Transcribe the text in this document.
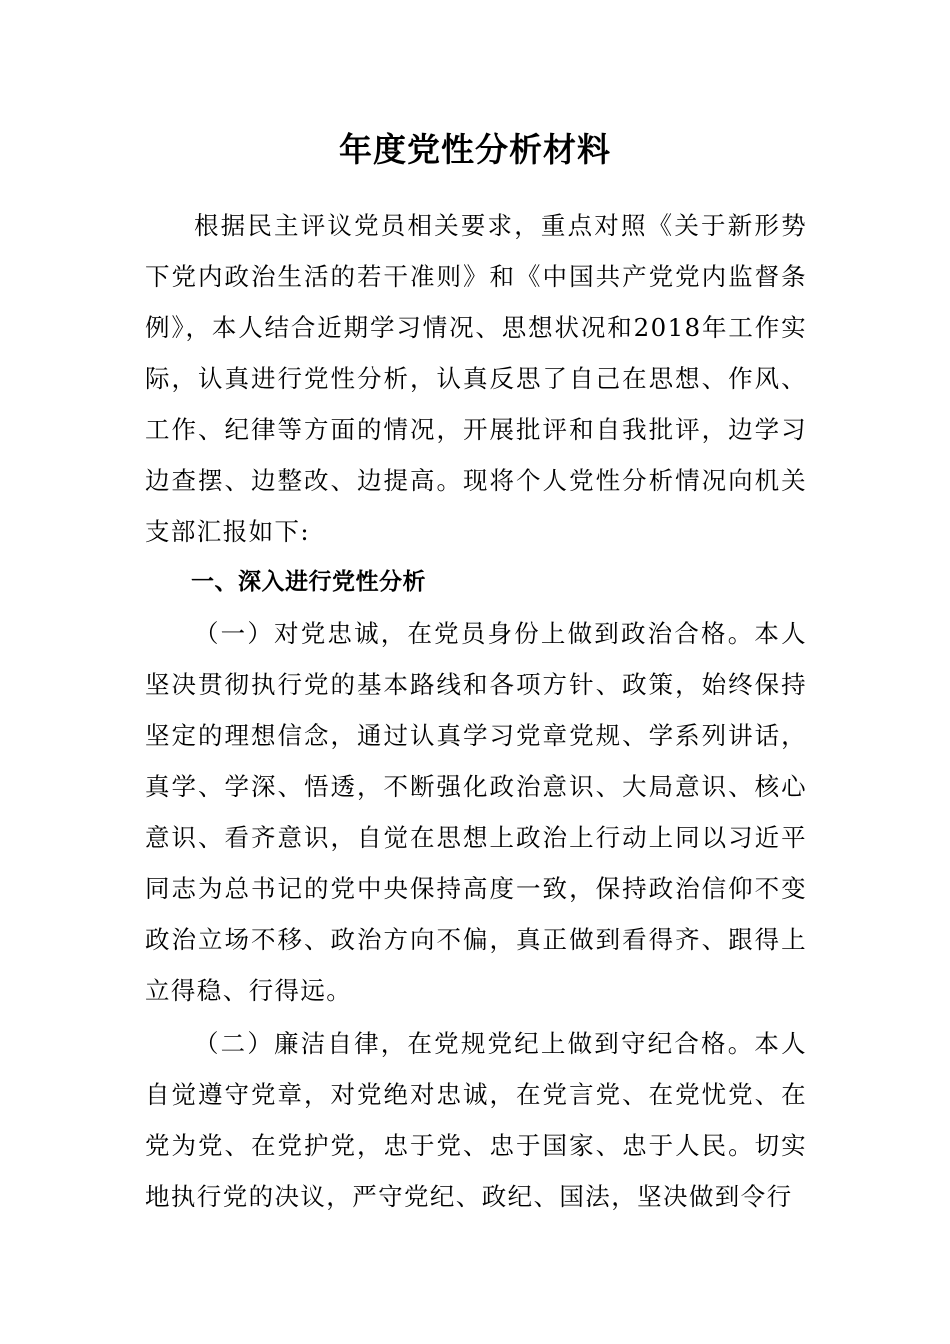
年度党性分析材料

根据民主评议党员相关要求，重点对照《关于新形势下党内政治生活的若干准则》和《中国共产党党内监督条例》，本人结合近期学习情况、思想状况和2018年工作实际，认真进行党性分析，认真反思了自己在思想、作风、工作、纪律等方面的情况，开展批评和自我批评，边学习边查摆、边整改、边提高。现将个人党性分析情况向机关支部汇报如下:

一、深入进行党性分析

（一）对党忠诚，在党员身份上做到政治合格。本人坚决贯彻执行党的基本路线和各项方针、政策，始终保持坚定的理想信念，通过认真学习党章党规、学系列讲话，真学、学深、悟透，不断强化政治意识、大局意识、核心意识、看齐意识，自觉在思想上政治上行动上同以习近平同志为总书记的党中央保持高度一致，保持政治信仰不变政治立场不移、政治方向不偏，真正做到看得齐、跟得上立得稳、行得远。

（二）廉洁自律，在党规党纪上做到守纪合格。本人自觉遵守党章，对党绝对忠诚，在党言党、在党忧党、在党为党、在党护党，忠于党、忠于国家、忠于人民。切实地执行党的决议，严守党纪、政纪、国法，坚决做到令行
